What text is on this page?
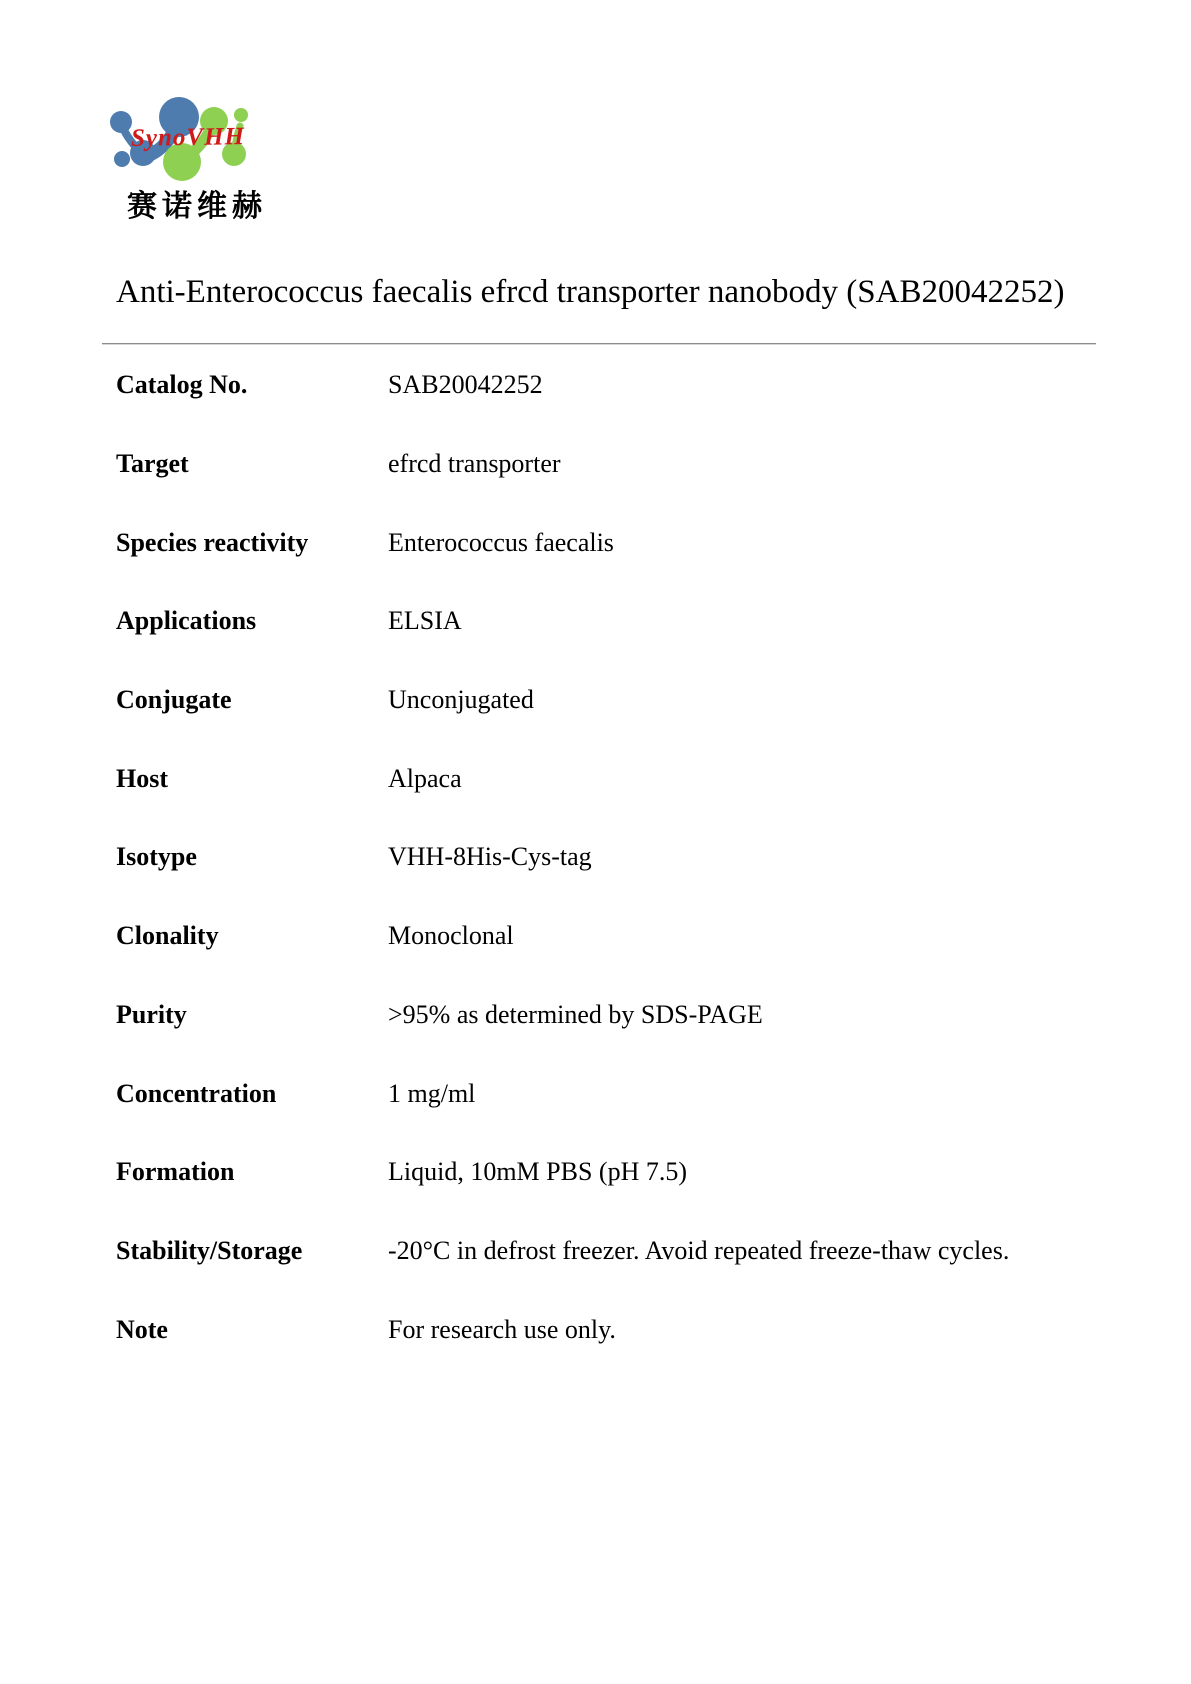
SynoVHH
赛诺维赫
Anti-Enterococcus faecalis efrcd transporter nanobody (SAB20042252)
Catalog No.	SAB20042252
Target	efrcd transporter
Species reactivity	Enterococcus faecalis
Applications	ELSIA
Conjugate	Unconjugated
Host	Alpaca
Isotype	VHH-8His-Cys-tag
Clonality	Monoclonal
Purity	>95% as determined by SDS-PAGE
Concentration	1 mg/ml
Formation	Liquid, 10mM PBS (pH 7.5)
Stability/Storage	-20°C in defrost freezer. Avoid repeated freeze-thaw cycles.
Note	For research use only.
